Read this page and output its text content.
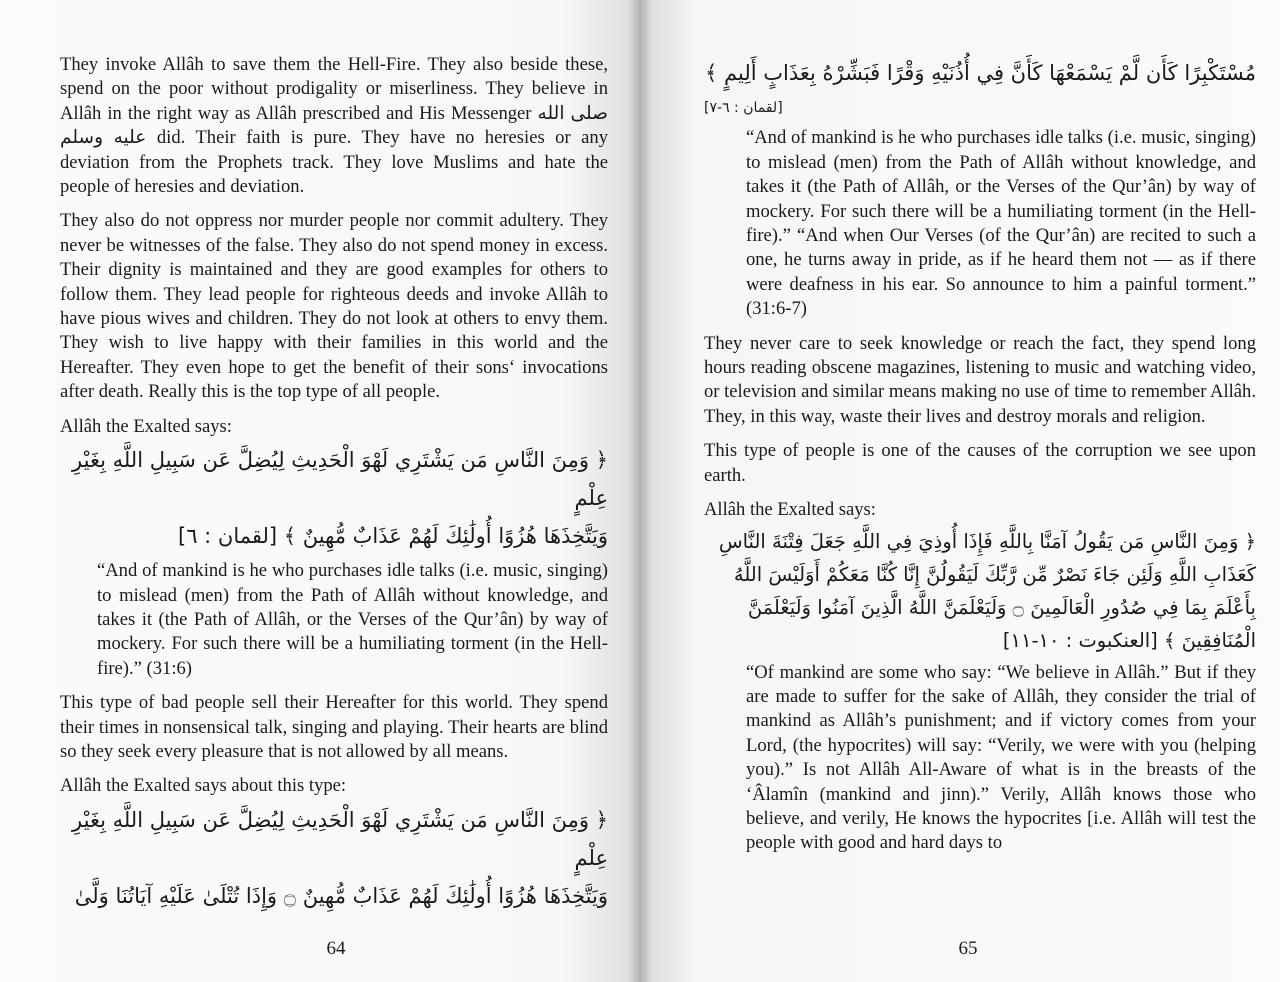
They invoke Allâh to save them the Hell-Fire. They also beside these, spend on the poor without prodigality or miserliness. They believe in Allâh in the right way as Allâh prescribed and His Messenger صلى الله عليه وسلم did. Their faith is pure. They have no heresies or any deviation from the Prophets track. They love Muslims and hate the people of heresies and deviation.

They also do not oppress nor murder people nor commit adultery. They never be witnesses of the false. They also do not spend money in excess. Their dignity is maintained and they are good examples for others to follow them. They lead people for righteous deeds and invoke Allâh to have pious wives and children. They do not look at others to envy them. They wish to live happy with their families in this world and the Hereafter. They even hope to get the benefit of their sons‘ invocations after death. Really this is the top type of all people.

Allâh the Exalted says:

﴿ وَمِنَ النَّاسِ مَن يَشْتَرِي لَهْوَ الْحَدِيثِ لِيُضِلَّ عَن سَبِيلِ اللَّهِ بِغَيْرِ عِلْمٍ
وَيَتَّخِذَهَا هُزُوًا أُولَٰئِكَ لَهُمْ عَذَابٌ مُّهِينٌ ﴾ [لقمان : ٦]

“And of mankind is he who purchases idle talks (i.e. music, singing) to mislead (men) from the Path of Allâh without knowledge, and takes it (the Path of Allâh, or the Verses of the Qur’ân) by way of mockery. For such there will be a humiliating torment (in the Hell-fire).” (31:6)

This type of bad people sell their Hereafter for this world. They spend their times in nonsensical talk, singing and playing. Their hearts are blind so they seek every pleasure that is not allowed by all means.

Allâh the Exalted says about this type:

﴿ وَمِنَ النَّاسِ مَن يَشْتَرِي لَهْوَ الْحَدِيثِ لِيُضِلَّ عَن سَبِيلِ اللَّهِ بِغَيْرِ عِلْمٍ
وَيَتَّخِذَهَا هُزُوًا أُولَٰئِكَ لَهُمْ عَذَابٌ مُّهِينٌ ۝ وَإِذَا تُتْلَىٰ عَلَيْهِ آيَاتُنَا وَلَّىٰ
64
مُسْتَكْبِرًا كَأَن لَّمْ يَسْمَعْهَا كَأَنَّ فِي أُذُنَيْهِ وَقْرًا فَبَشِّرْهُ بِعَذَابٍ أَلِيمٍ ﴾
[لقمان : ٦-٧]

“And of mankind is he who purchases idle talks (i.e. music, singing) to mislead (men) from the Path of Allâh without knowledge, and takes it (the Path of Allâh, or the Verses of the Qur’ân) by way of mockery. For such there will be a humiliating torment (in the Hell-fire).” “And when Our Verses (of the Qur’ân) are recited to such a one, he turns away in pride, as if he heard them not — as if there were deafness in his ear. So announce to him a painful torment.” (31:6-7)

They never care to seek knowledge or reach the fact, they spend long hours reading obscene magazines, listening to music and watching video, or television and similar means making no use of time to remember Allâh. They, in this way, waste their lives and destroy morals and religion.

This type of people is one of the causes of the corruption we see upon earth.

Allâh the Exalted says:

﴿ وَمِنَ النَّاسِ مَن يَقُولُ آمَنَّا بِاللَّهِ فَإِذَا أُوذِيَ فِي اللَّهِ جَعَلَ فِتْنَةَ النَّاسِ
كَعَذَابِ اللَّهِ وَلَئِن جَاءَ نَصْرٌ مِّن رَّبِّكَ لَيَقُولُنَّ إِنَّا كُنَّا مَعَكُمْ أَوَلَيْسَ اللَّهُ
بِأَعْلَمَ بِمَا فِي صُدُورِ الْعَالَمِينَ ۝ وَلَيَعْلَمَنَّ اللَّهُ الَّذِينَ آمَنُوا وَلَيَعْلَمَنَّ
الْمُنَافِقِينَ ﴾ [العنكبوت : ١٠-١١]

“Of mankind are some who say: “We believe in Allâh.” But if they are made to suffer for the sake of Allâh, they consider the trial of mankind as Allâh’s punishment; and if victory comes from your Lord, (the hypocrites) will say: “Verily, we were with you (helping you).” Is not Allâh All-Aware of what is in the breasts of the ‘Âlamîn (mankind and jinn).” Verily, Allâh knows those who believe, and verily, He knows the hypocrites [i.e. Allâh will test the people with good and hard days to

65
